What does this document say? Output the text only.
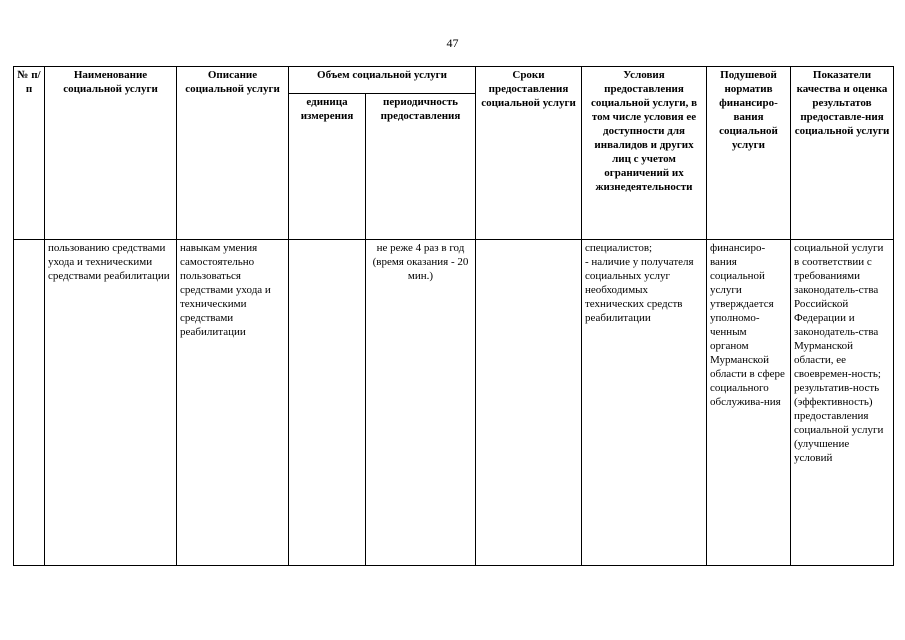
47
№ п/п	Наименование социальной услуги	Описание социальной услуги	Объем социальной услуги		Сроки предоставления социальной услуги	Условия предоставления социальной услуги, в том числе условия ее доступности для инвалидов и других лиц с учетом ограничений их жизнедеятельности	Подушевой норматив финансиро-вания социальной услуги	Показатели качества и оценка результатов предоставле-ния социальной услуги
			единица измерения	периодичность предоставления				
	пользованию средствами ухода и техническими средствами реабилитации	навыкам умения самостоятельно пользоваться средствами ухода и техническими средствами реабилитации		не реже 4 раз в год (время оказания - 20 мин.)		специалистов;
- наличие у получателя социальных услуг необходимых технических средств реабилитации	финансиро-вания социальной услуги утверждается уполномо-ченным органом Мурманской области в сфере социального обслужива-ния	социальной услуги в соответствии с требованиями законодатель-ства Российской Федерации и законодатель-ства Мурманской области, ее своевремен-ность; результатив-ность (эффективность) предоставления социальной услуги (улучшение условий
